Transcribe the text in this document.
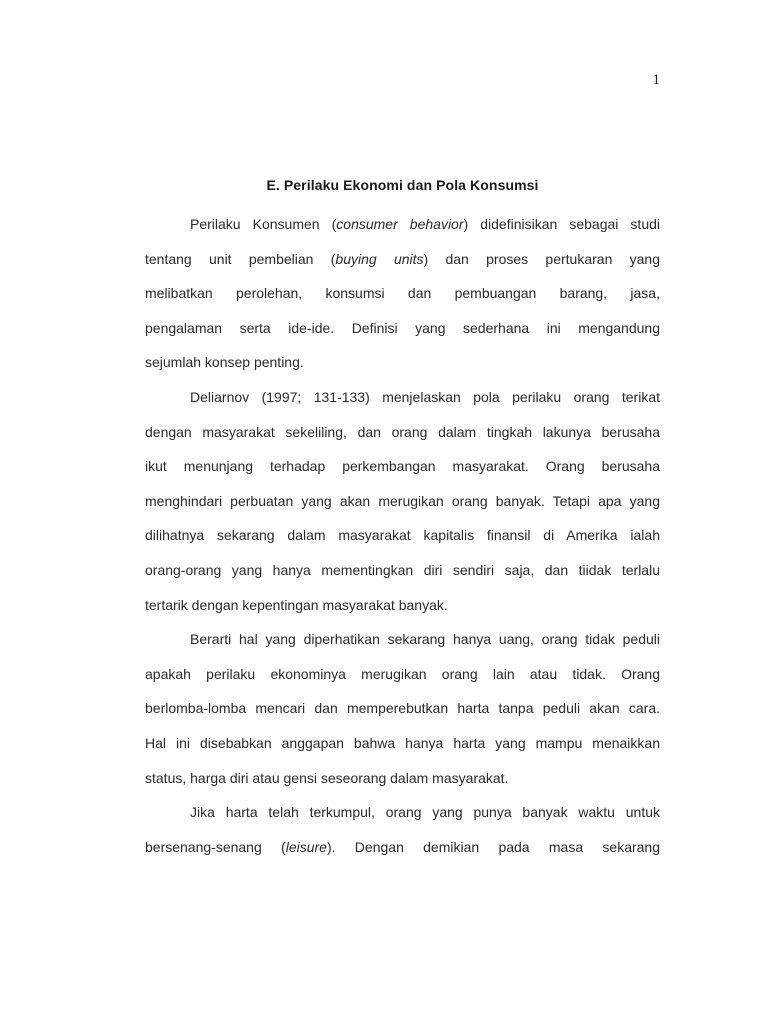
1
E. Perilaku Ekonomi dan Pola Konsumsi
Perilaku Konsumen (consumer behavior) didefinisikan sebagai studi
tentang unit pembelian (buying units) dan proses pertukaran yang
melibatkan perolehan, konsumsi dan pembuangan barang, jasa,
pengalaman serta ide-ide. Definisi yang sederhana ini mengandung
sejumlah konsep penting.
Deliarnov (1997; 131-133) menjelaskan pola perilaku orang terikat
dengan masyarakat sekeliling, dan orang dalam tingkah lakunya berusaha
ikut menunjang terhadap perkembangan masyarakat. Orang berusaha
menghindari perbuatan yang akan merugikan orang banyak. Tetapi apa yang
dilihatnya sekarang dalam masyarakat kapitalis finansil di Amerika ialah
orang-orang yang hanya mementingkan diri sendiri saja, dan tiidak terlalu
tertarik dengan kepentingan masyarakat banyak.
Berarti hal yang diperhatikan sekarang hanya uang, orang tidak peduli
apakah perilaku ekonominya merugikan orang lain atau tidak. Orang
berlomba-lomba mencari dan memperebutkan harta tanpa peduli akan cara.
Hal ini disebabkan anggapan bahwa hanya harta yang mampu menaikkan
status, harga diri atau gensi seseorang dalam masyarakat.
Jika harta telah terkumpul, orang yang punya banyak waktu untuk
bersenang-senang (leisure). Dengan demikian pada masa sekarang
